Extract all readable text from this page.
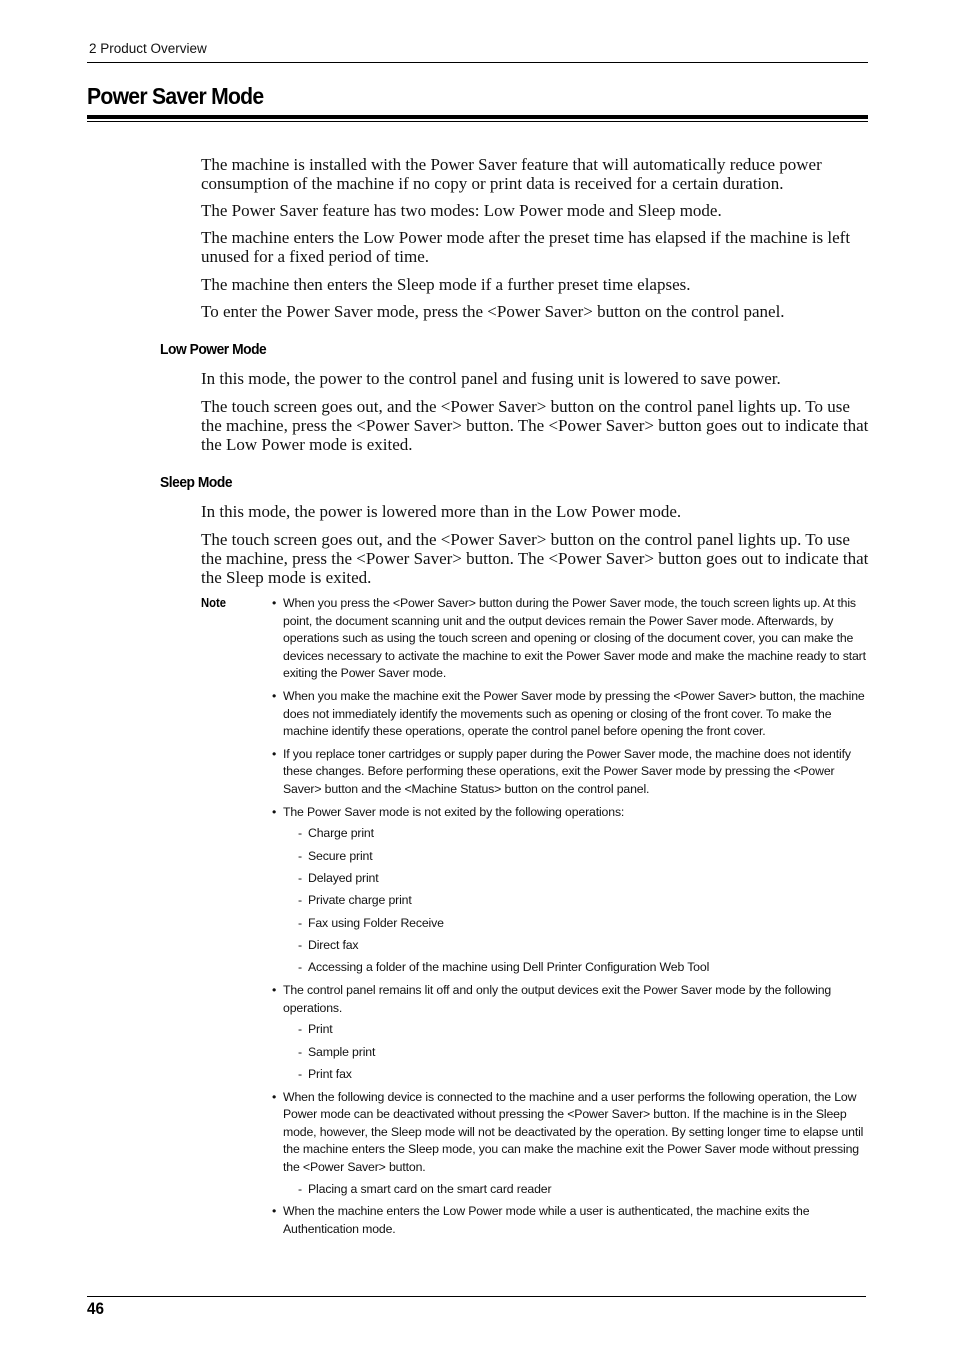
2 Product Overview
Power Saver Mode

The machine is installed with the Power Saver feature that will automatically reduce power consumption of the machine if no copy or print data is received for a certain duration.

The Power Saver feature has two modes: Low Power mode and Sleep mode.

The machine enters the Low Power mode after the preset time has elapsed if the machine is left unused for a fixed period of time.

The machine then enters the Sleep mode if a further preset time elapses.

To enter the Power Saver mode, press the <Power Saver> button on the control panel.

Low Power Mode

In this mode, the power to the control panel and fusing unit is lowered to save power.

The touch screen goes out, and the <Power Saver> button on the control panel lights up. To use the machine, press the <Power Saver> button. The <Power Saver> button goes out to indicate that the Low Power mode is exited.

Sleep Mode

In this mode, the power is lowered more than in the Low Power mode.

The touch screen goes out, and the <Power Saver> button on the control panel lights up. To use the machine, press the <Power Saver> button. The <Power Saver> button goes out to indicate that the Sleep mode is exited.

Note	• When you press the <Power Saver> button during the Power Saver mode, the touch screen lights up. At this point, the document scanning unit and the output devices remain the Power Saver mode. Afterwards, by operations such as using the touch screen and opening or closing of the document cover, you can make the devices necessary to activate the machine to exit the Power Saver mode and make the machine ready to start exiting the Power Saver mode.
• When you make the machine exit the Power Saver mode by pressing the <Power Saver> button, the machine does not immediately identify the movements such as opening or closing of the front cover. To make the machine identify these operations, operate the control panel before opening the front cover.
• If you replace toner cartridges or supply paper during the Power Saver mode, the machine does not identify these changes. Before performing these operations, exit the Power Saver mode by pressing the <Power Saver> button and the <Machine Status> button on the control panel.
• The Power Saver mode is not exited by the following operations:
- Charge print
- Secure print
- Delayed print
- Private charge print
- Fax using Folder Receive
- Direct fax
- Accessing a folder of the machine using Dell Printer Configuration Web Tool
• The control panel remains lit off and only the output devices exit the Power Saver mode by the following operations.
- Print
- Sample print
- Print fax
• When the following device is connected to the machine and a user performs the following operation, the Low Power mode can be deactivated without pressing the <Power Saver> button. If the machine is in the Sleep mode, however, the Sleep mode will not be deactivated by the operation. By setting longer time to elapse until the machine enters the Sleep mode, you can make the machine exit the Power Saver mode without pressing the <Power Saver> button.
- Placing a smart card on the smart card reader
• When the machine enters the Low Power mode while a user is authenticated, the machine exits the Authentication mode.
46
